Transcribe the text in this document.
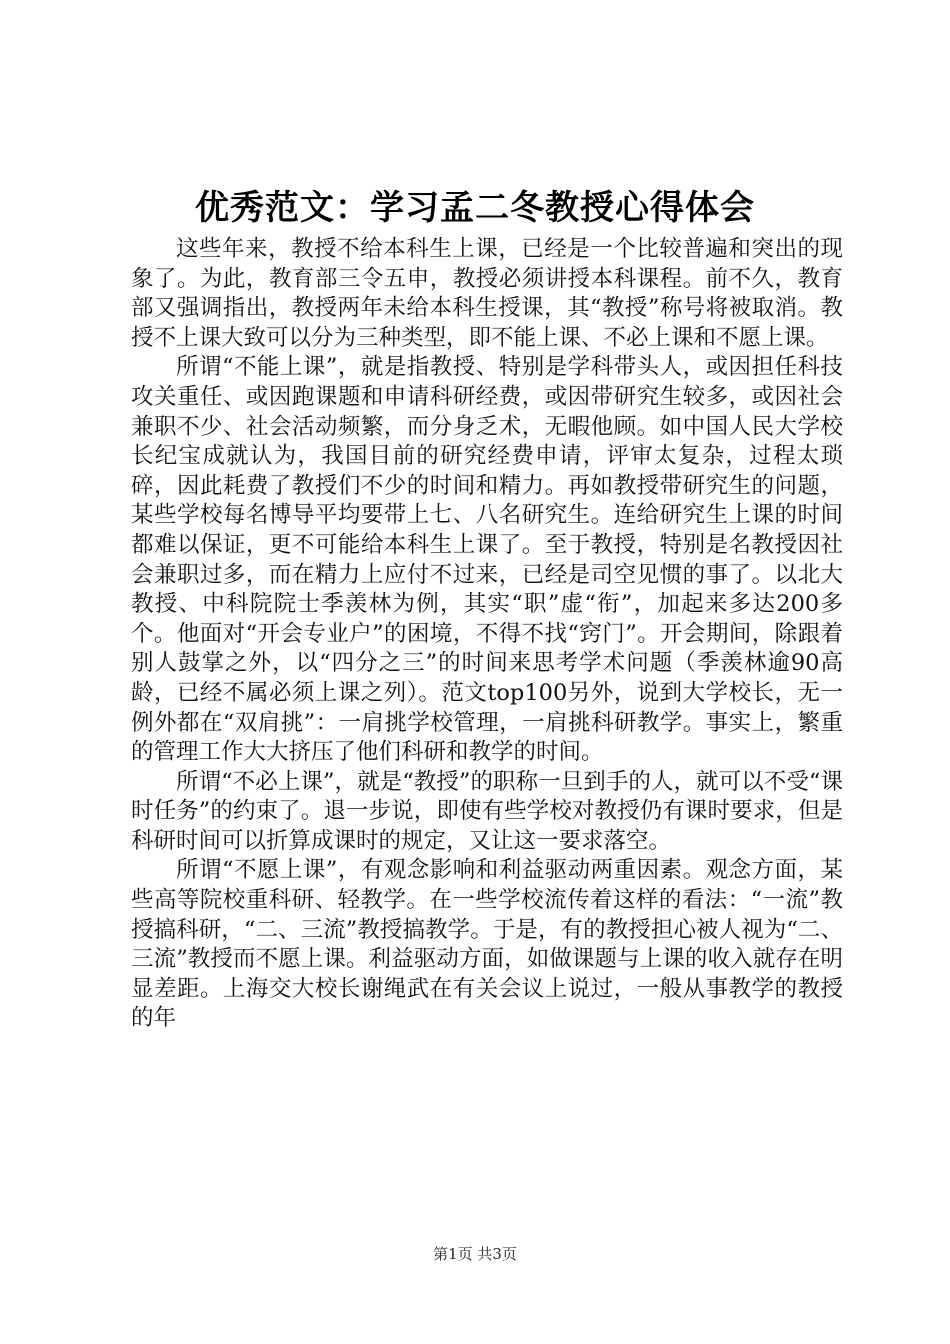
优秀范文：学习孟二冬教授心得体会

这些年来，教授不给本科生上课，已经是一个比较普遍和突出的现象了。为此，教育部三令五申，教授必须讲授本科课程。前不久，教育部又强调指出，教授两年未给本科生授课，其“教授”称号将被取消。教授不上课大致可以分为三种类型，即不能上课、不必上课和不愿上课。

所谓“不能上课”，就是指教授、特别是学科带头人，或因担任科技攻关重任、或因跑课题和申请科研经费，或因带研究生较多，或因社会兼职不少、社会活动频繁，而分身乏术，无暇他顾。如中国人民大学校长纪宝成就认为，我国目前的研究经费申请，评审太复杂，过程太琐碎，因此耗费了教授们不少的时间和精力。再如教授带研究生的问题，某些学校每名博导平均要带上七、八名研究生。连给研究生上课的时间都难以保证，更不可能给本科生上课了。至于教授，特别是名教授因社会兼职过多，而在精力上应付不过来，已经是司空见惯的事了。以北大教授、中科院院士季羡林为例，其实“职”虚“衔”，加起来多达200多个。他面对“开会专业户”的困境，不得不找“窍门”。开会期间，除跟着别人鼓掌之外，以“四分之三”的时间来思考学术问题（季羡林逾90高龄，已经不属必须上课之列）。范文top100另外，说到大学校长，无一例外都在“双肩挑”：一肩挑学校管理，一肩挑科研教学。事实上，繁重的管理工作大大挤压了他们科研和教学的时间。

所谓“不必上课”，就是“教授”的职称一旦到手的人，就可以不受“课时任务”的约束了。退一步说，即使有些学校对教授仍有课时要求，但是科研时间可以折算成课时的规定，又让这一要求落空。

所谓“不愿上课”，有观念影响和利益驱动两重因素。观念方面，某些高等院校重科研、轻教学。在一些学校流传着这样的看法：“一流”教授搞科研，“二、三流”教授搞教学。于是，有的教授担心被人视为“二、三流”教授而不愿上课。利益驱动方面，如做课题与上课的收入就存在明显差距。上海交大校长谢绳武在有关会议上说过，一般从事教学的教授的年

第1页 共3页
